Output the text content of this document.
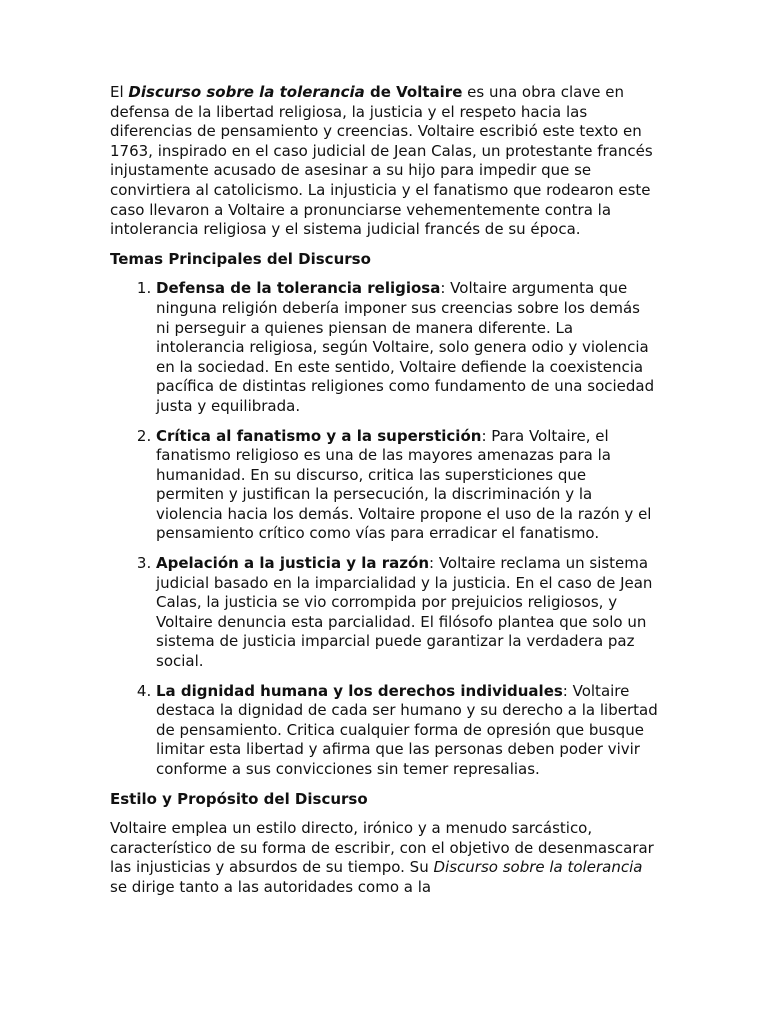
El Discurso sobre la tolerancia de Voltaire es una obra clave en defensa de la libertad religiosa, la justicia y el respeto hacia las diferencias de pensamiento y creencias. Voltaire escribió este texto en 1763, inspirado en el caso judicial de Jean Calas, un protestante francés injustamente acusado de asesinar a su hijo para impedir que se convirtiera al catolicismo. La injusticia y el fanatismo que rodearon este caso llevaron a Voltaire a pronunciarse vehementemente contra la intolerancia religiosa y el sistema judicial francés de su época.

Temas Principales del Discurso

1. Defensa de la tolerancia religiosa: Voltaire argumenta que ninguna religión debería imponer sus creencias sobre los demás ni perseguir a quienes piensan de manera diferente. La intolerancia religiosa, según Voltaire, solo genera odio y violencia en la sociedad. En este sentido, Voltaire defiende la coexistencia pacífica de distintas religiones como fundamento de una sociedad justa y equilibrada.
2. Crítica al fanatismo y a la superstición: Para Voltaire, el fanatismo religioso es una de las mayores amenazas para la humanidad. En su discurso, critica las supersticiones que permiten y justifican la persecución, la discriminación y la violencia hacia los demás. Voltaire propone el uso de la razón y el pensamiento crítico como vías para erradicar el fanatismo.
3. Apelación a la justicia y la razón: Voltaire reclama un sistema judicial basado en la imparcialidad y la justicia. En el caso de Jean Calas, la justicia se vio corrompida por prejuicios religiosos, y Voltaire denuncia esta parcialidad. El filósofo plantea que solo un sistema de justicia imparcial puede garantizar la verdadera paz social.
4. La dignidad humana y los derechos individuales: Voltaire destaca la dignidad de cada ser humano y su derecho a la libertad de pensamiento. Critica cualquier forma de opresión que busque limitar esta libertad y afirma que las personas deben poder vivir conforme a sus convicciones sin temer represalias.

Estilo y Propósito del Discurso

Voltaire emplea un estilo directo, irónico y a menudo sarcástico, característico de su forma de escribir, con el objetivo de desenmascarar las injusticias y absurdos de su tiempo. Su Discurso sobre la tolerancia se dirige tanto a las autoridades como a la
